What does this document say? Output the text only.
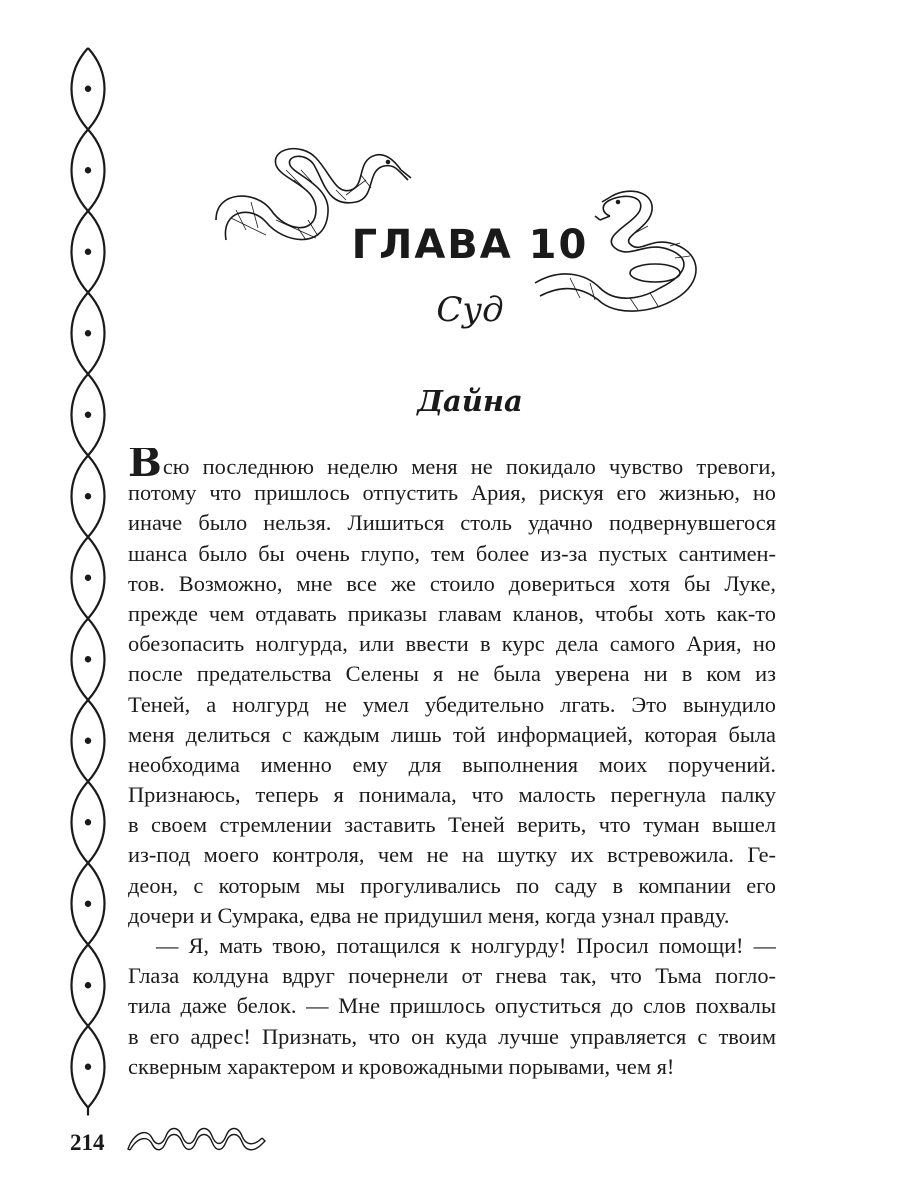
ГЛАВА 10
Суд
Дайна
Всю последнюю неделю меня не покидало чувство тревоги,
потому что пришлось отпустить Ария, рискуя его жизнью, но
иначе было нельзя. Лишиться столь удачно подвернувшегося
шанса было бы очень глупо, тем более из-за пустых сантимен-
тов. Возможно, мне все же стоило довериться хотя бы Луке,
прежде чем отдавать приказы главам кланов, чтобы хоть как-то
обезопасить нолгурда, или ввести в курс дела самого Ария, но
после предательства Селены я не была уверена ни в ком из
Теней, а нолгурд не умел убедительно лгать. Это вынудило
меня делиться с каждым лишь той информацией, которая была
необходима именно ему для выполнения моих поручений.
Признаюсь, теперь я понимала, что малость перегнула палку
в своем стремлении заставить Теней верить, что туман вышел
из-под моего контроля, чем не на шутку их встревожила. Ге-
деон, с которым мы прогуливались по саду в компании его
дочери и Сумрака, едва не придушил меня, когда узнал правду.
— Я, мать твою, потащился к нолгурду! Просил помощи! —
Глаза колдуна вдруг почернели от гнева так, что Тьма погло-
тила даже белок. — Мне пришлось опуститься до слов похвалы
в его адрес! Признать, что он куда лучше управляется с твоим
скверным характером и кровожадными порывами, чем я!
214
